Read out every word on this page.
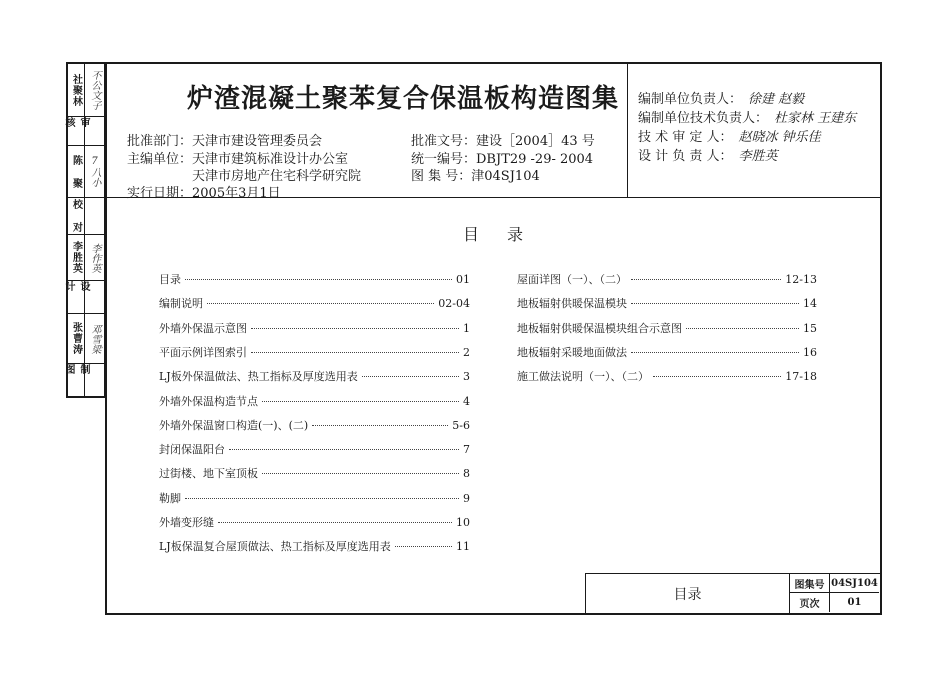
社聚林 不公文子
审 核
陈 聚 7八小
校 对
李胜英 李作英
设 计
张曹涛 邓雪梁
制 图
炉渣混凝土聚苯复合保温板构造图集
批准部门：天津市建设管理委员会
主编单位：天津市建筑标准设计办公室
天津市房地产住宅科学研究院
实行日期：2005年3月1日
批准文号：建设［2004］43 号
统一编号：DBJT29 -29- 2004
图 集 号：津04SJ104
编制单位负责人： 徐建 赵毅
编制单位技术负责人： 杜家林 王建东
技 术 审 定 人： 赵晓冰 钟乐佳
设 计 负 责 人： 李胜英
目录
目录	01
编制说明	02-04
外墙外保温示意图	1
平面示例详图索引	2
LJ板外保温做法、热工指标及厚度选用表	3
外墙外保温构造节点	4
外墙外保温窗口构造(一)、(二)	5-6
封闭保温阳台	7
过街楼、地下室顶板	8
勒脚	9
外墙变形缝	10
LJ板保温复合屋顶做法、热工指标及厚度选用表	11
屋面详图（一）、（二）	12-13
地板辐射供暖保温模块	14
地板辐射供暖保温模块组合示意图	15
地板辐射采暖地面做法	16
施工做法说明（一）、（二）	17-18
目录
图集号 04SJ104
页次	01
